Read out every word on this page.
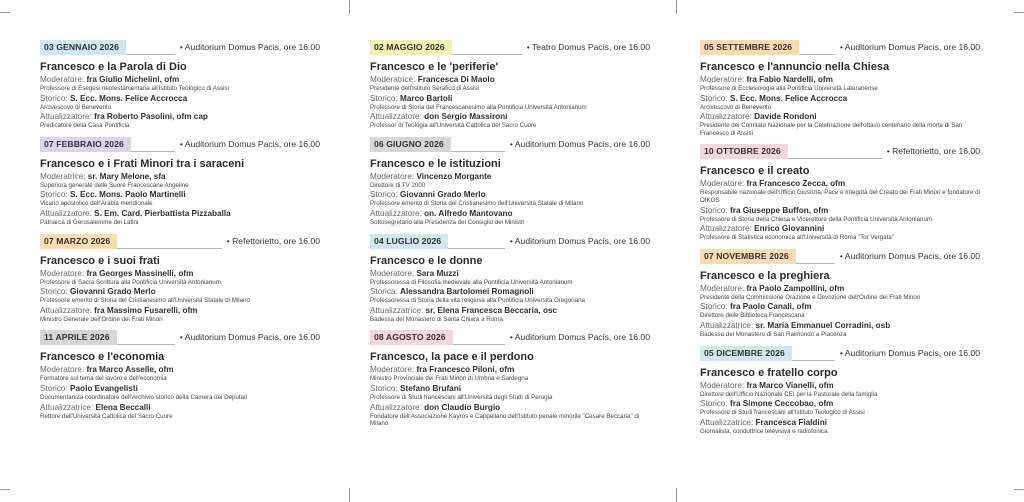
03 GENNAIO 2026	• Auditorium Domus Pacis, ore 16.00
Francesco e la Parola di Dio
Moderatore: fra Giulio Michelini, ofm
Professore di Esegesi neotestamentaria all'Istituto Teologico di Assisi
Storico: S. Ecc. Mons. Felice Accrocca
Arcivescovo di Benevento
Attualizzatore: fra Roberto Pasolini, ofm cap
Predicatore della Casa Pontificia
07 FEBBRAIO 2026	• Auditorium Domus Pacis, ore 16.00
Francesco e i Frati Minori tra i saraceni
Moderatrice: sr. Mary Melone, sfa
Superiora generale delle Suore Francescane Angeline
Storico: S. Ecc. Mons. Paolo Martinelli
Vicario apostolico dell'Arabia meridionale
Attualizzatore: S. Em. Card. Pierbattista Pizzaballa
Patriarca di Gerusalemme dei Latini
07 MARZO 2026	• Refettorietto, ore 16.00
Francesco e i suoi frati
Moderatore: fra Georges Massinelli, ofm
Professore di Sacra Scrittura alla Pontificia Università Antonianum
Storico: Giovanni Grado Merlo
Professore emerito di Storia del Cristianesimo all'Università Statale di Milano
Attualizzatore: fra Massimo Fusarelli, ofm
Ministro Generale dell'Ordine dei Frati Minori
11 APRILE 2026	• Auditorium Domus Pacis, ore 16.00
Francesco e l'economia
Moderatore: fra Marco Asselle, ofm
Formatore sul tema del lavoro e dell'economia
Storico: Paolo Evangelisti
Documentarista coordinatore dell'Archivio storico della Camera dei Deputati
Attualizzatrice: Elena Beccalli
Rettore dell'Università Cattolica del Sacro Cuore
02 MAGGIO 2026	• Teatro Domus Pacis, ore 16.00
Francesco e le 'periferie'
Moderatrice: Francesca Di Maolo
Presidente dell'Istituto Serafico di Assisi
Storico: Marco Bartoli
Professore di Storia del Francescanesimo alla Pontificia Università Antonianum
Attualizzatore: don Sergio Massironi
Professor di Teologia all'Università Cattolica del Sacro Cuore
06 GIUGNO 2026	• Auditorium Domus Pacis, ore 16.00
Francesco e le istituzioni
Moderatore: Vincenzo Morgante
Direttore di TV 2000
Storico: Giovanni Grado Merlo
Professore emerito di Storia del Cristianesimo dell'Università Statale di Milano
Attualizzatore: on. Alfredo Mantovano
Sottosegretario alla Presidenza del Consiglio dei Ministri
04 LUGLIO 2026	• Auditorium Domus Pacis, ore 16.00
Francesco e le donne
Moderatore: Sara Muzzi
Professoressa di Filosofia medievale alla Pontificia Università Antonianum
Storica: Alessandra Bartolomei Romagnoli
Professoressa di Storia della vita religiosa alla Pontificia Università Gregoriana
Attualizzatrice: sr. Elena Francesca Beccaria, osc
Badessa del Monastero di Santa Chiara a Roma
08 AGOSTO 2026	• Auditorium Domus Pacis, ore 16.00
Francesco, la pace e il perdono
Moderatore: fra Francesco Piloni, ofm
Ministro Provinciale dei Frati Minori di Umbria e Sardegna
Storico: Stefano Brufani
Professore di Studi francescani all'Università degli Studi di Perugia
Attualizzatore: don Claudio Burgio
Fondatore dell'Associazione Kayros e Cappellano dell'Istituto penale minorile "Cesare Beccaria" di Milano
05 SETTEMBRE 2026	• Auditorium Domus Pacis, ore 16.00
Francesco e l'annuncio nella Chiesa
Moderatore: fra Fabio Nardelli, ofm
Professore di Ecclesiologia alla Pontificia Università Lateranense
Storico: S. Ecc. Mons. Felice Accrocca
Arcivescovo di Benevento
Attualizzatore: Davide Rondoni
Presidente del Comitato Nazionale per la Celebrazione dell'ottavo centenario della morte di San Francesco di Assisi
10 OTTOBRE 2026	• Refettorietto, ore 16.00
Francesco e il creato
Moderatore: fra Francesco Zecca, ofm
Responsabile nazionale dell'Ufficio Giustizia, Pace e Integrità del Creato dei Frati Minori e fondatore di OIKOS
Storico: fra Giuseppe Buffon, ofm
Professore di Storia della Chiesa e Vicerettore della Pontificia Università Antonianum
Attualizzatore: Enrico Giovannini
Professore di Statistica economica all'Università di Roma "Tor Vergata"
07 NOVEMBRE 2026	• Auditorium Domus Pacis, ore 16.00
Francesco e la preghiera
Moderatore: fra Paolo Zampollini, ofm
Presidente della Commissione Orazione e Devozione dell'Ordine dei Frati Minori
Storico: fra Paolo Canali, ofm
Direttore delle Biblioteca Francescana
Attualizzatrice: sr. Maria Emmanuel Corradini, osb
Badessa del Monastero di San Raimondo a Piacenza
05 DICEMBRE 2026	• Auditorium Domus Pacis, ore 16.00
Francesco e fratello corpo
Moderatore: fra Marco Vianelli, ofm
Direttore dell'Ufficio Nazionale CEI per la Pastorale della famiglia
Storico: fra Simone Ceccobao, ofm
Professore di Studi francescani all'Istituto Teologico di Assisi
Attualizzatrice: Francesca Fialdini
Giornalista, conduttrice televisiva e radiofonica
